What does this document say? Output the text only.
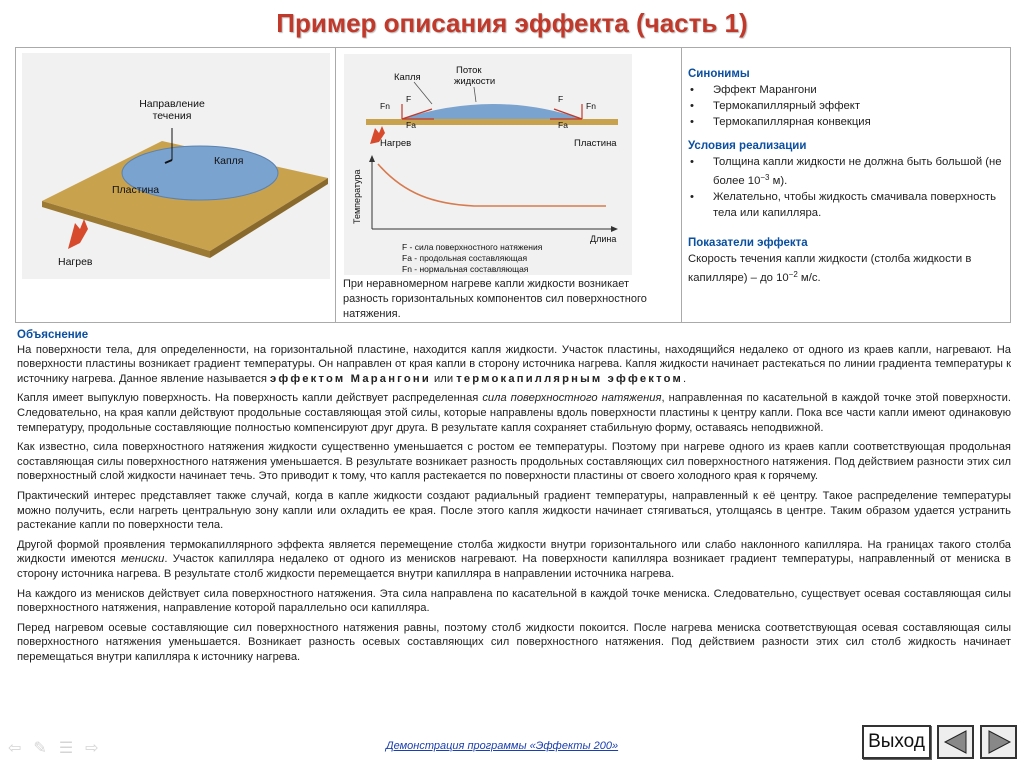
Пример описания эффекта (часть 1)
Направление
течения
Капля
Пластина
Нагрев
Капля
Поток
жидкости
Fn
F
Fa
Fn
F
Fa
Нагрев	Пластина
Температура
Длина
F - сила поверхностного натяжения
Fa - продольная составляющая
Fn - нормальная составляющая
При неравномерном нагреве капли жидкости возникает разность горизонтальных компонентов сил поверхностного натяжения.
Синонимы
• Эффект Марангони
• Термокапиллярный эффект
• Термокапиллярная конвекция
Условия реализации
• Толщина капли жидкости не должна быть большой (не более $10^{-3}$ м).
• Желательно, чтобы жидкость смачивала поверхность тела или капилляра.
Показатели эффекта
Скорость течения капли жидкости (столба жидкости в капилляре) – до $10^{-2}$ м/с.
Объяснение

На поверхности тела, для определенности, на горизонтальной пластине, находится капля жидкости. Участок пластины, находящийся недалеко от одного из краев капли, нагревают. На поверхности пластины возникает градиент температуры. Он направлен от края капли в сторону источника нагрева. Капля жидкости начинает растекаться по линии градиента температуры к источнику нагрева. Данное явление называется эффектом Марангони или термокапиллярным эффектом.

Капля имеет выпуклую поверхность. На поверхность капли действует распределенная сила поверхностного натяжения, направленная по касательной в каждой точке этой поверхности. Следовательно, на края капли действуют продольные составляющая этой силы, которые направлены вдоль поверхности пластины к центру капли. Пока все части капли имеют одинаковую температуру, продольные составляющие полностью компенсируют друг друга. В результате капля сохраняет стабильную форму, оставаясь неподвижной.

Как известно, сила поверхностного натяжения жидкости существенно уменьшается с ростом ее температуры. Поэтому при нагреве одного из краев капли соответствующая продольная составляющая силы поверхностного натяжения уменьшается. В результате возникает разность продольных составляющих сил поверхностного натяжения. Под действием разности этих сил поверхностный слой жидкости начинает течь. Это приводит к тому, что капля растекается по поверхности пластины от своего холодного края к горячему.

Практический интерес представляет также случай, когда в капле жидкости создают радиальный градиент температуры, направленный к её центру. Такое распределение температуры можно получить, если нагреть центральную зону капли или охладить ее края. После этого капля жидкости начинает стягиваться, утолщаясь в центре. Таким образом удается устранить растекание капли по поверхности тела.

Другой формой проявления термокапиллярного эффекта является перемещение столба жидкости внутри горизонтального или слабо наклонного капилляра. На границах такого столба жидкости имеются мениски. Участок капилляра недалеко от одного из менисков нагревают. На поверхности капилляра возникает градиент температуры, направленный от мениска в сторону источника нагрева. В результате столб жидкости перемещается внутри капилляра в направлении источника нагрева.

На каждого из менисков действует сила поверхностного натяжения. Эта сила направлена по касательной в каждой точке мениска. Следовательно, существует осевая составляющая силы поверхностного натяжения, направление которой параллельно оси капилляра.

Перед нагревом осевые составляющие сил поверхностного натяжения равны, поэтому столб жидкости покоится. После нагрева мениска соответствующая осевая составляющая силы поверхностного натяжения уменьшается. Возникает разность осевых составляющих сил поверхностного натяжения. Под действием разности этих сил столб жидкость начинает перемещаться внутри капилляра к источнику нагрева.

⇦ ✎ ☰ ⇨	Демонстрация программы «Эффекты 200»	Выход
